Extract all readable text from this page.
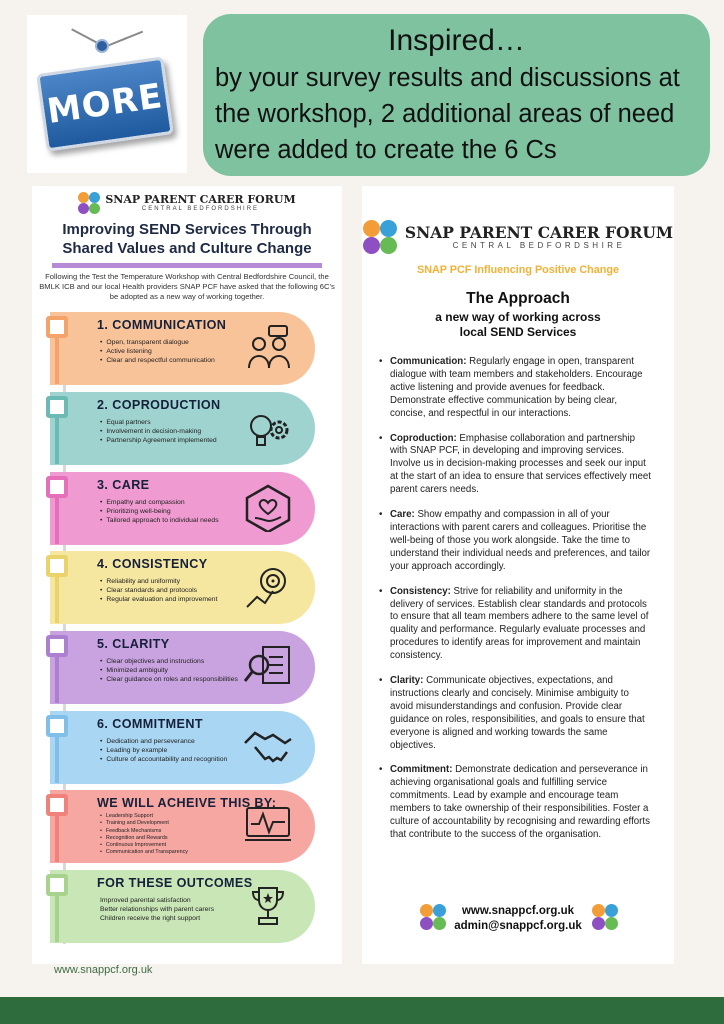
MORE
Inspired…
by your survey results and discussions at
the workshop, 2 additional areas of need
were added to create the 6 Cs
SNAP PARENT CARER FORUM
CENTRAL BEDFORDSHIRE
Improving SEND Services Through
Shared Values and Culture Change
Following the Test the Temperature Workshop with Central Bedfordshire Council, the BMLK ICB and our local Health providers SNAP PCF have asked that the following 6C's be adopted as a new way of working together.
1. COMMUNICATION
• Open, transparent dialogue
• Active listening
• Clear and respectful communication
2. COPRODUCTION
• Equal partners
• Involvement in decision-making
• Partnership Agreement implemented
3. CARE
• Empathy and compassion
• Prioritizing well-being
• Tailored approach to individual needs
4. CONSISTENCY
• Reliability and uniformity
• Clear standards and protocols
• Regular evaluation and improvement
5. CLARITY
• Clear objectives and instructions
• Minimized ambiguity
• Clear guidance on roles and responsibilities
6. COMMITMENT
• Dedication and perseverance
• Leading by example
• Culture of accountability and recognition
WE WILL ACHEIVE THIS BY:
• Leadership Support
• Training and Development
• Feedback Mechanisms
• Recognition and Rewards
• Continuous Improvement
• Communication and Transparency
FOR THESE OUTCOMES
Improved parental satisfaction
Better relationships with parent carers
Children receive the right support
www.snappcf.org.uk
SNAP PARENT CARER FORUM
CENTRAL BEDFORDSHIRE
SNAP PCF Influencing Positive Change
The Approach
a new way of working across
local SEND Services
• Communication: Regularly engage in open, transparent dialogue with team members and stakeholders. Encourage active listening and provide avenues for feedback. Demonstrate effective communication by being clear, concise, and respectful in our interactions.
• Coproduction: Emphasise collaboration and partnership with SNAP PCF, in developing and improving services. Involve us in decision-making processes and seek our input at the start of an idea to ensure that services effectively meet parent carers needs.
• Care: Show empathy and compassion in all of your interactions with parent carers and colleagues. Prioritise the well-being of those you work alongside. Take the time to understand their individual needs and preferences, and tailor your approach accordingly.
• Consistency: Strive for reliability and uniformity in the delivery of services. Establish clear standards and protocols to ensure that all team members adhere to the same level of quality and performance. Regularly evaluate processes and procedures to identify areas for improvement and maintain consistency.
• Clarity: Communicate objectives, expectations, and instructions clearly and concisely. Minimise ambiguity to avoid misunderstandings and confusion. Provide clear guidance on roles, responsibilities, and goals to ensure that everyone is aligned and working towards the same objectives.
• Commitment: Demonstrate dedication and perseverance in achieving organisational goals and fulfilling service commitments. Lead by example and encourage team members to take ownership of their responsibilities. Foster a culture of accountability by recognising and rewarding efforts that contribute to the success of the organisation.
www.snappcf.org.uk
admin@snappcf.org.uk
